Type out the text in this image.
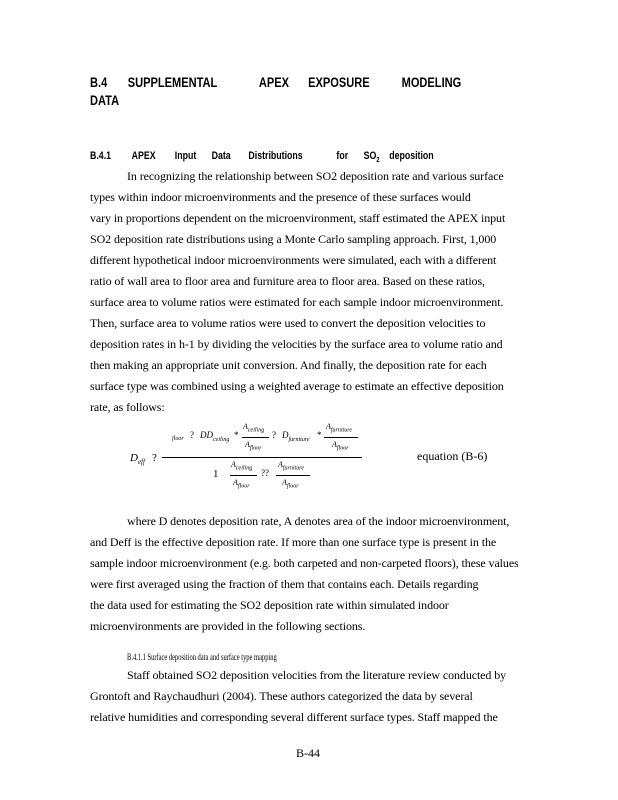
B.4 SUPPLEMENTAL	APEX EXPOSURE MODELING
DATA
B.4.1 APEX Input Data Distributions	for $SO_2$ deposition
In recognizing the relationship between SO2 deposition rate and various surface
types within indoor microenvironments and the presence of these surfaces would
vary in proportions dependent on the microenvironment, staff estimated the APEX input
SO2 deposition rate distributions using a Monte Carlo sampling approach. First, 1,000
different hypothetical indoor microenvironments were simulated, each with a different
ratio of wall area to floor area and furniture area to floor area. Based on these ratios,
surface area to volume ratios were estimated for each sample indoor microenvironment.
Then, surface area to volume ratios were used to convert the deposition velocities to
deposition rates in h-1 by dividing the velocities by the surface area to volume ratio and
then making an appropriate unit conversion. And finally, the deposition rate for each
surface type was combined using a weighted average to estimate an effective deposition
rate, as follows:
$D_{eff}$ ?
floor ? $DD_{ceiling}$ *
$A_{ceiling}$
$A_{floor}$
? $D_{furniture}$ *
$A_{furniture}$
$A_{floor}$
1
$A_{ceiling}$
$A_{floor}$
??
$A_{furniture}$
$A_{floor}$
equation (B-6)
where D denotes deposition rate, A denotes area of the indoor microenvironment,
and Deff is the effective deposition rate. If more than one surface type is present in the
sample indoor microenvironment (e.g. both carpeted and non-carpeted floors), these values
were first averaged using the fraction of them that contains each. Details regarding
the data used for estimating the SO2 deposition rate within simulated indoor
microenvironments are provided in the following sections.
B.4.1.1 Surface deposition data and surface type mapping
Staff obtained SO2 deposition velocities from the literature review conducted by
Grontoft and Raychaudhuri (2004). These authors categorized the data by several
relative humidities and corresponding several different surface types. Staff mapped the
B-44
